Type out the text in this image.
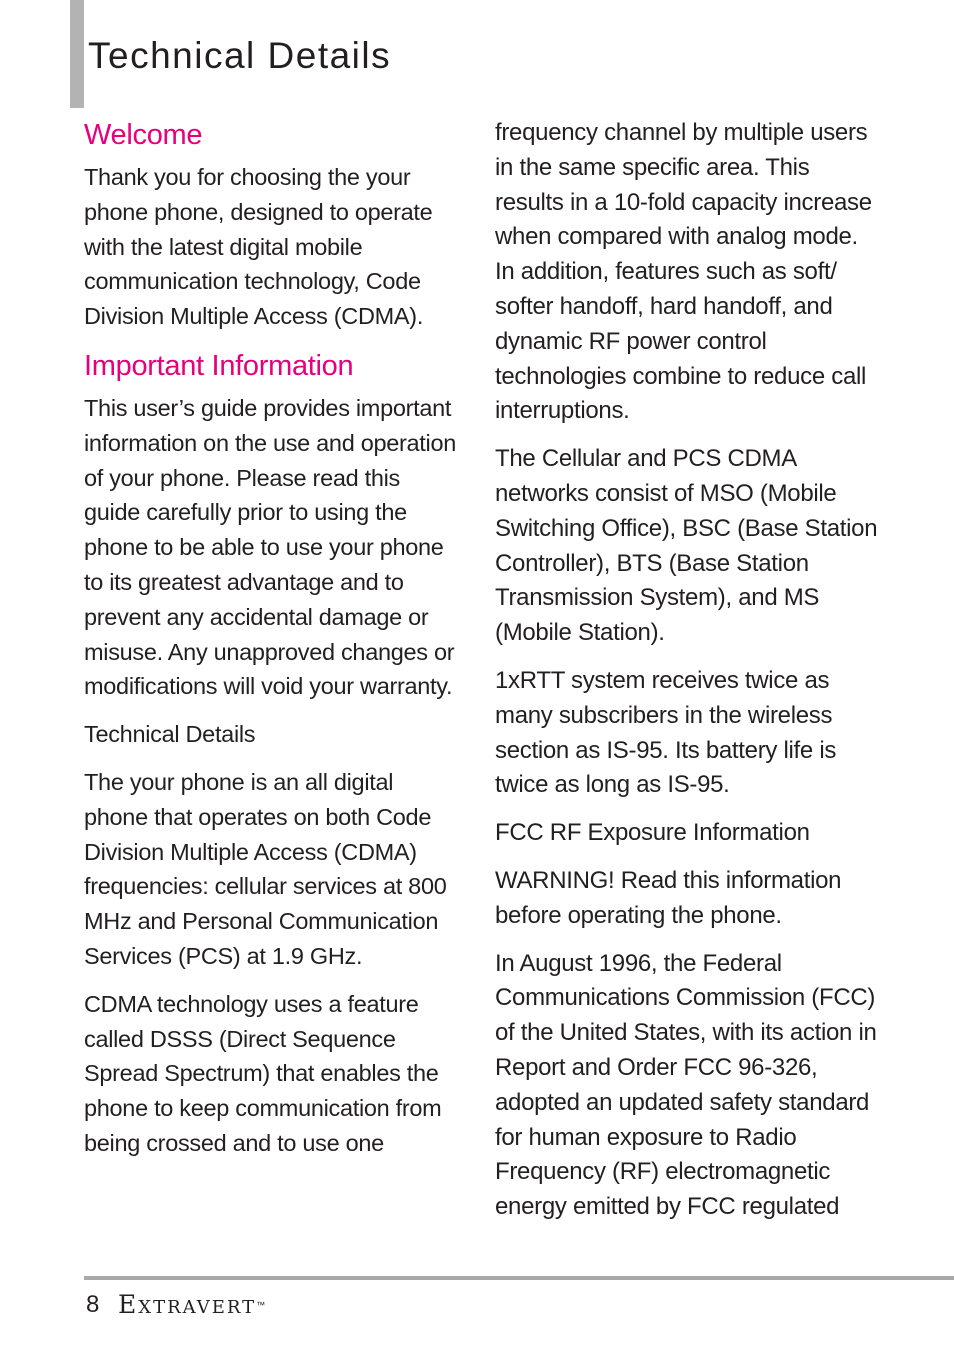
Technical Details
Welcome

Thank you for choosing the your phone phone, designed to operate with the latest digital mobile communication technology, Code Division Multiple Access (CDMA).

Important Information

This user’s guide provides important information on the use and operation of your phone. Please read this guide carefully prior to using the phone to be able to use your phone to its greatest advantage and to prevent any accidental damage or misuse. Any unapproved changes or modifications will void your warranty.

Technical Details

The your phone is an all digital phone that operates on both Code Division Multiple Access (CDMA) frequencies: cellular services at 800 MHz and Personal Communication Services (PCS) at 1.9 GHz.

CDMA technology uses a feature called DSSS (Direct Sequence Spread Spectrum) that enables the phone to keep communication from being crossed and to use one

frequency channel by multiple users in the same specific area. This results in a 10-fold capacity increase when compared with analog mode. In addition, features such as soft/ softer handoff, hard handoff, and dynamic RF power control technologies combine to reduce call interruptions.

The Cellular and PCS CDMA networks consist of MSO (Mobile Switching Office), BSC (Base Station Controller), BTS (Base Station Transmission System), and MS (Mobile Station).

1xRTT system receives twice as many subscribers in the wireless section as IS-95. Its battery life is twice as long as IS-95.

FCC RF Exposure Information

WARNING! Read this information before operating the phone.

In August 1996, the Federal Communications Commission (FCC) of the United States, with its action in Report and Order FCC 96-326, adopted an updated safety standard for human exposure to Radio Frequency (RF) electromagnetic energy emitted by FCC regulated

8 Extravert™
